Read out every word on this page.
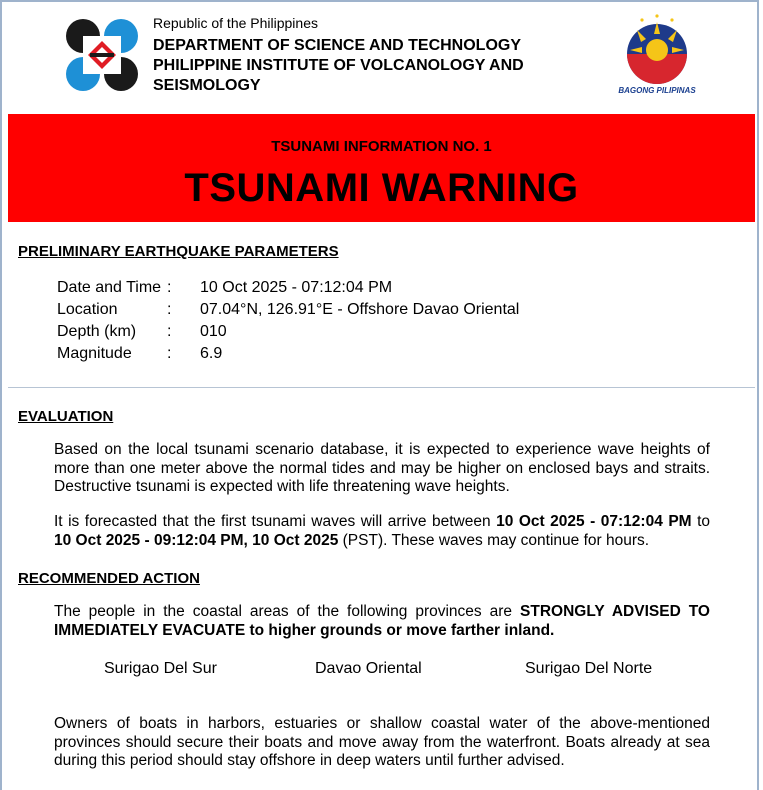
Republic of the Philippines
DEPARTMENT OF SCIENCE AND TECHNOLOGY
PHILIPPINE INSTITUTE OF VOLCANOLOGY AND
SEISMOLOGY	BAGONG PILIPINAS
TSUNAMI INFORMATION NO. 1
TSUNAMI WARNING
PRELIMINARY EARTHQUAKE PARAMETERS
Date and Time : 10 Oct 2025 - 07:12:04 PM
Location	: 07.04°N, 126.91°E - Offshore Davao Oriental
Depth (km) : 010
Magnitude : 6.9
EVALUATION
Based on the local tsunami scenario database, it is expected to experience wave heights of more than one meter above the normal tides and may be higher on enclosed bays and straits. Destructive tsunami is expected with life threatening wave heights.
It is forecasted that the first tsunami waves will arrive between 10 Oct 2025 - 07:12:04 PM to 10 Oct 2025 - 09:12:04 PM, 10 Oct 2025 (PST). These waves may continue for hours.
RECOMMENDED ACTION
The people in the coastal areas of the following provinces are STRONGLY ADVISED TO IMMEDIATELY EVACUATE to higher grounds or move farther inland.
Surigao Del Sur	Davao Oriental	Surigao Del Norte
Owners of boats in harbors, estuaries or shallow coastal water of the above-mentioned provinces should secure their boats and move away from the waterfront. Boats already at sea during this period should stay offshore in deep waters until further advised.
